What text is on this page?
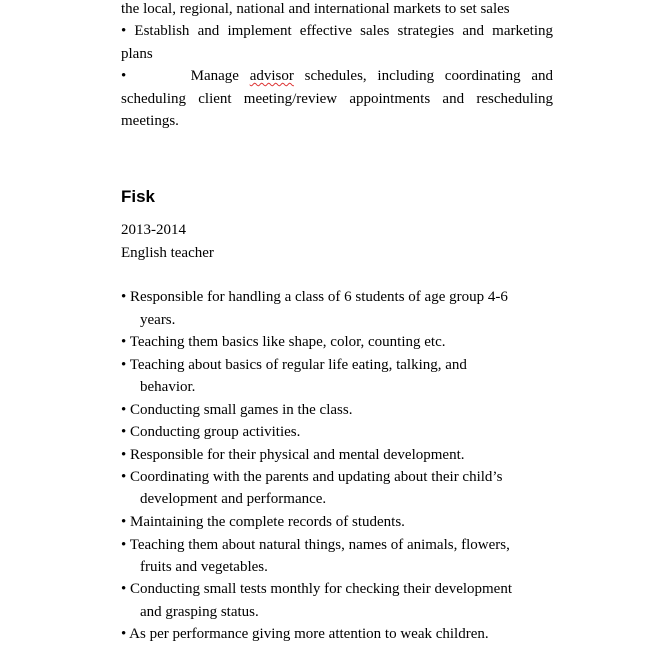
the local, regional, national and international markets to set sales
• Establish and implement effective sales strategies and marketing
plans
•      Manage advisor schedules, including coordinating and
scheduling client meeting/review appointments and rescheduling
meetings.
Fisk
2013-2014
English teacher
• Responsible for handling a class of 6 students of age group 4-6
years.
• Teaching them basics like shape, color, counting etc.
• Teaching about basics of regular life eating, talking, and
behavior.
• Conducting small games in the class.
• Conducting group activities.
• Responsible for their physical and mental development.
• Coordinating with the parents and updating about their child’s
development and performance.
• Maintaining the complete records of students.
• Teaching them about natural things, names of animals, flowers,
fruits and vegetables.
• Conducting small tests monthly for checking their development
and grasping status.
• As per performance giving more attention to weak children.
